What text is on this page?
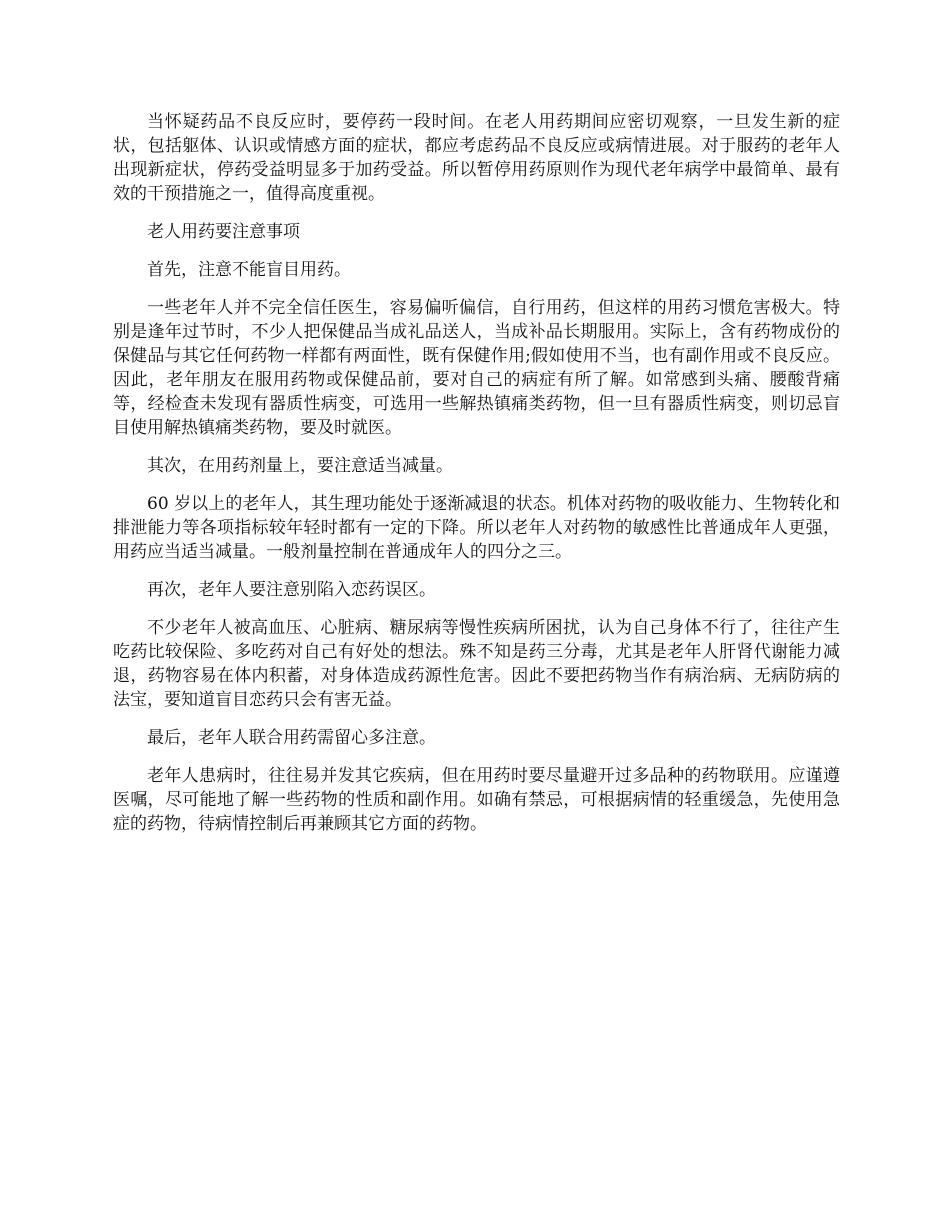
当怀疑药品不良反应时，要停药一段时间。在老人用药期间应密切观察，一旦发生新的症状，包括躯体、认识或情感方面的症状，都应考虑药品不良反应或病情进展。对于服药的老年人出现新症状，停药受益明显多于加药受益。所以暂停用药原则作为现代老年病学中最简单、最有效的干预措施之一，值得高度重视。

老人用药要注意事项

首先，注意不能盲目用药。

一些老年人并不完全信任医生，容易偏听偏信，自行用药，但这样的用药习惯危害极大。特别是逢年过节时，不少人把保健品当成礼品送人，当成补品长期服用。实际上，含有药物成份的保健品与其它任何药物一样都有两面性，既有保健作用;假如使用不当，也有副作用或不良反应。因此，老年朋友在服用药物或保健品前，要对自己的病症有所了解。如常感到头痛、腰酸背痛等，经检查未发现有器质性病变，可选用一些解热镇痛类药物，但一旦有器质性病变，则切忌盲目使用解热镇痛类药物，要及时就医。

其次，在用药剂量上，要注意适当减量。

60 岁以上的老年人，其生理功能处于逐渐减退的状态。机体对药物的吸收能力、生物转化和排泄能力等各项指标较年轻时都有一定的下降。所以老年人对药物的敏感性比普通成年人更强，用药应当适当减量。一般剂量控制在普通成年人的四分之三。

再次，老年人要注意别陷入恋药误区。

不少老年人被高血压、心脏病、糖尿病等慢性疾病所困扰，认为自己身体不行了，往往产生吃药比较保险、多吃药对自己有好处的想法。殊不知是药三分毒，尤其是老年人肝肾代谢能力减退，药物容易在体内积蓄，对身体造成药源性危害。因此不要把药物当作有病治病、无病防病的法宝，要知道盲目恋药只会有害无益。

最后，老年人联合用药需留心多注意。

老年人患病时，往往易并发其它疾病，但在用药时要尽量避开过多品种的药物联用。应谨遵医嘱，尽可能地了解一些药物的性质和副作用。如确有禁忌，可根据病情的轻重缓急，先使用急症的药物，待病情控制后再兼顾其它方面的药物。
